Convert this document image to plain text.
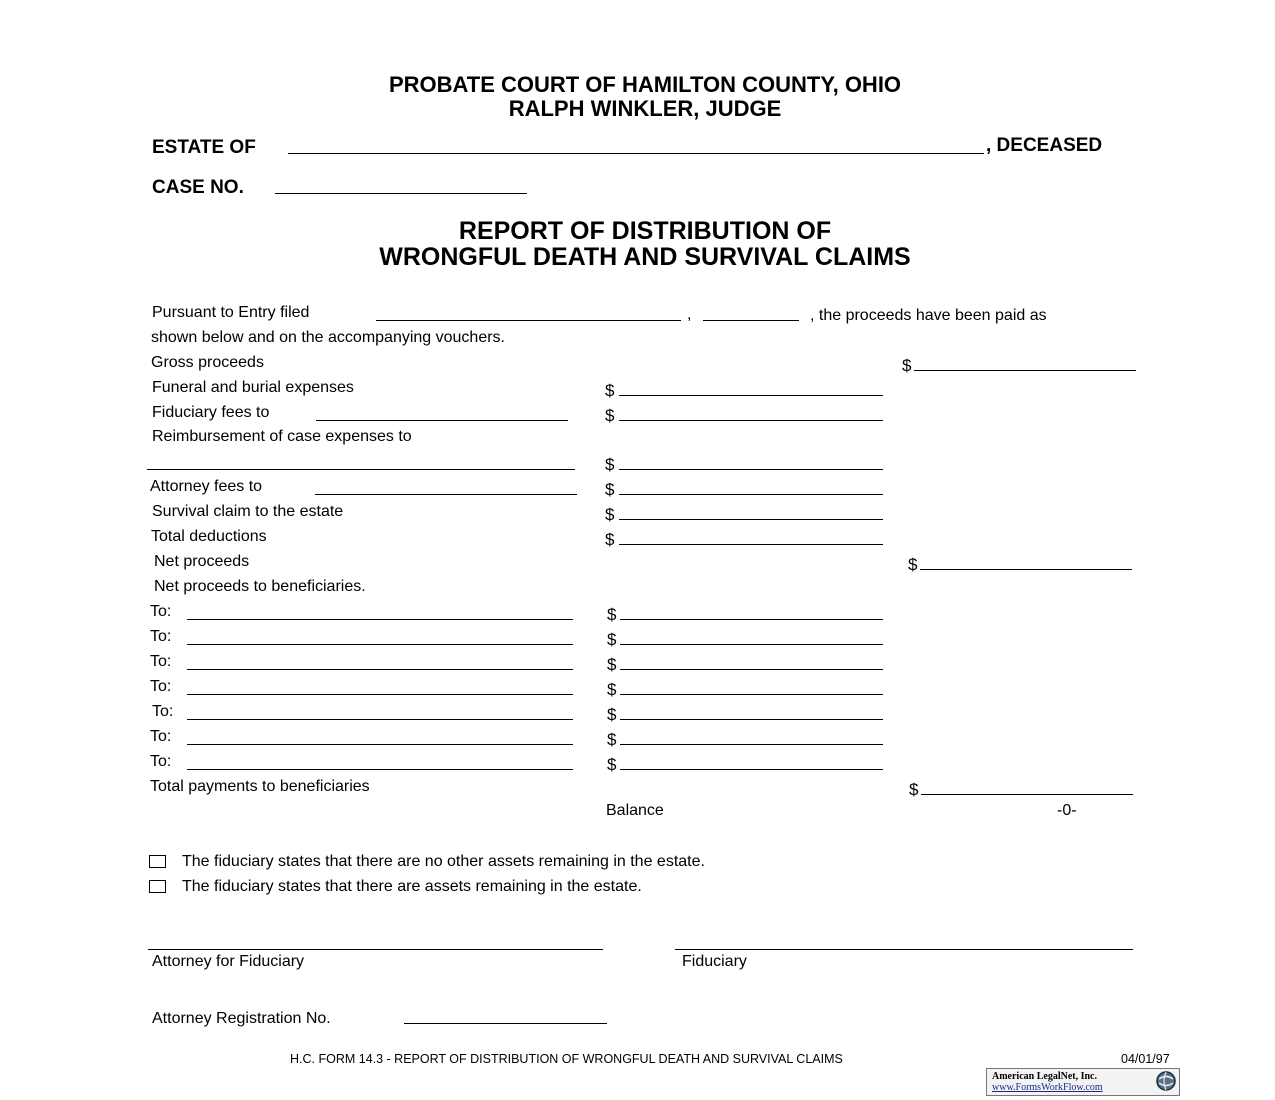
PROBATE COURT OF HAMILTON COUNTY, OHIO
RALPH WINKLER, JUDGE
ESTATE OF	, DECEASED
CASE NO.
REPORT OF DISTRIBUTION OF
WRONGFUL DEATH AND SURVIVAL CLAIMS
Pursuant to Entry filed	,	, the proceeds have been paid as
shown below and on the accompanying vouchers.
Gross proceeds	$
Funeral and burial expenses	$
Fiduciary fees to	$
Reimbursement of case expenses to
$
Attorney fees to	$
Survival claim to the estate	$
Total deductions	$
Net proceeds	$
Net proceeds to beneficiaries.
To:	$
To:	$
To:	$
To:	$
To:	$
To:	$
To:	$
Total payments to beneficiaries	$
Balance	-0-
The fiduciary states that there are no other assets remaining in the estate.
The fiduciary states that there are assets remaining in the estate.
Attorney for Fiduciary	Fiduciary
Attorney Registration No.
H.C. FORM 14.3 - REPORT OF DISTRIBUTION OF WRONGFUL DEATH AND SURVIVAL CLAIMS	04/01/97
American LegalNet, Inc.
www.FormsWorkFlow.com
